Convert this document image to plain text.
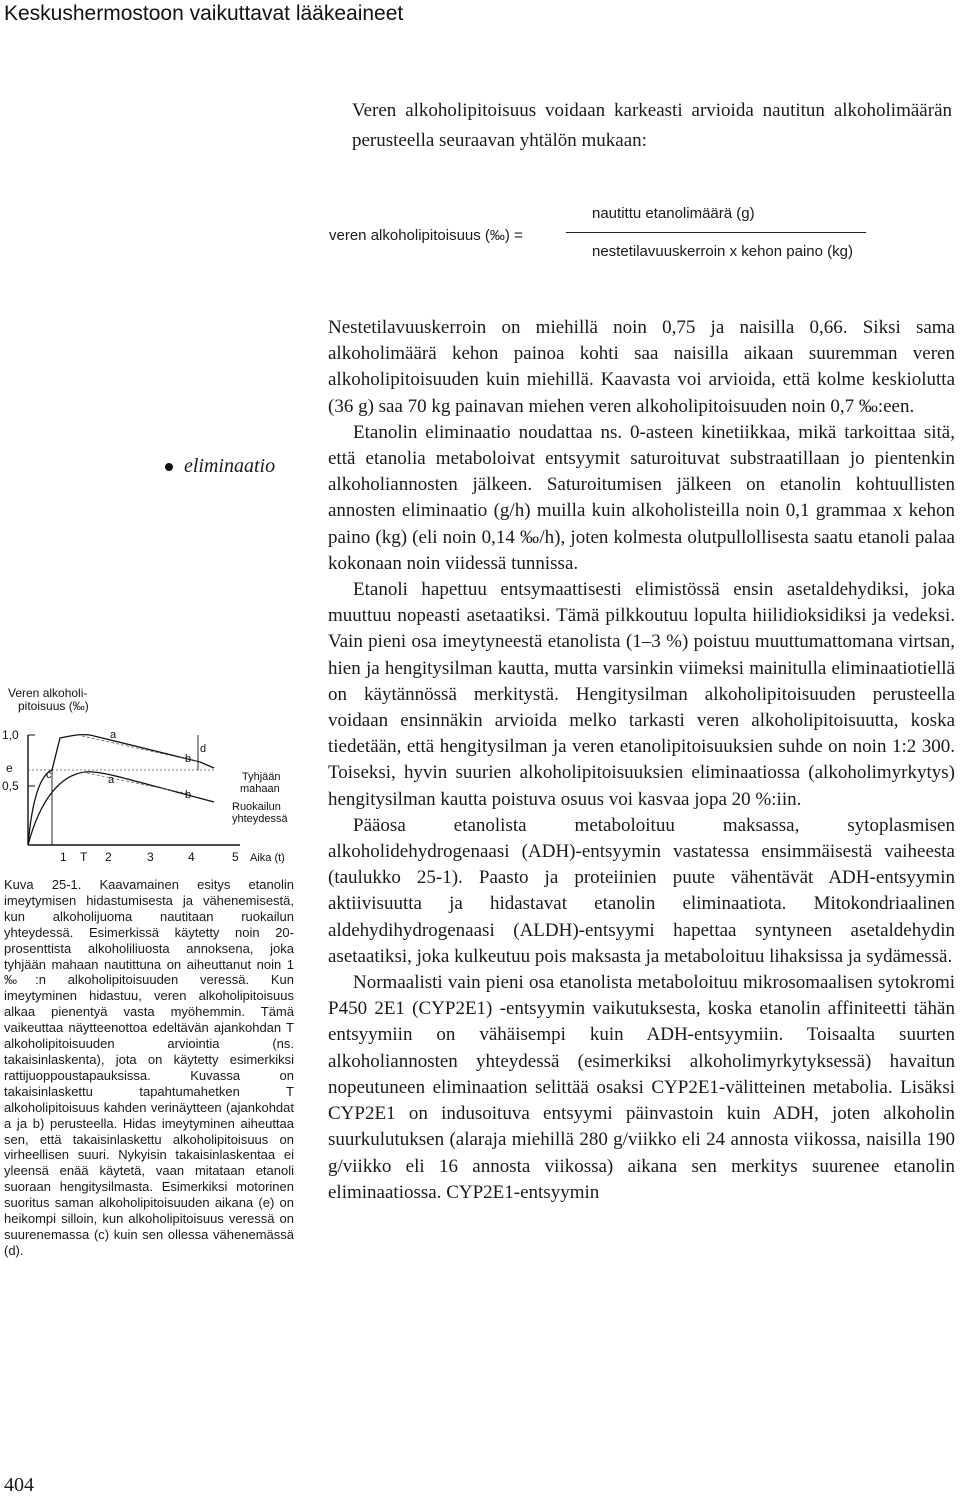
Keskushermostoon vaikuttavat lääkeaineet
Veren alkoholipitoisuus voidaan karkeasti arvioida nautitun alkoholimäärän perusteella seuraavan yhtälön mukaan:
veren alkoholipitoisuus (‰) =
nautittu etanolimäärä (g)
nestetilavuuskerroin x kehon paino (kg)
eliminaatio

Nestetilavuuskerroin on miehillä noin 0,75 ja naisilla 0,66. Siksi sama alkoholimäärä kehon painoa kohti saa naisilla aikaan suuremman veren alkoholipitoisuuden kuin miehillä. Kaavasta voi arvioida, että kolme keskiolutta (36 g) saa 70 kg painavan miehen veren alkoholipitoisuuden noin 0,7 ‰:een.

Etanolin eliminaatio noudattaa ns. 0-asteen kinetiikkaa, mikä tarkoittaa sitä, että etanolia metaboloivat entsyymit saturoituvat substraatillaan jo pientenkin alkoholiannosten jälkeen. Saturoitumisen jälkeen on etanolin kohtuullisten annosten eliminaatio (g/h) muilla kuin alkoholisteilla noin 0,1 grammaa x kehon paino (kg) (eli noin 0,14 ‰/h), joten kolmesta olutpullollisesta saatu etanoli palaa kokonaan noin viidessä tunnissa.

Etanoli hapettuu entsymaattisesti elimistössä ensin asetaldehydiksi, joka muuttuu nopeasti asetaatiksi. Tämä pilkkoutuu lopulta hiilidioksidiksi ja vedeksi. Vain pieni osa imeytyneestä etanolista (1–3 %) poistuu muuttumattomana virtsan, hien ja hengitysilman kautta, mutta varsinkin viimeksi mainitulla eliminaatiotiellä on käytännössä merkitystä. Hengitysilman alkoholipitoisuuden perusteella voidaan ensinnäkin arvioida melko tarkasti veren alkoholipitoisuutta, koska tiedetään, että hengitysilman ja veren etanolipitoisuuksien suhde on noin 1:2 300. Toiseksi, hyvin suurien alkoholipitoisuuksien eliminaatiossa (alkoholimyrkytys) hengitysilman kautta poistuva osuus voi kasvaa jopa 20 %:iin.

Pääosa etanolista metaboloituu maksassa, sytoplasmisen alkoholidehydrogenaasi (ADH)-entsyymin vastatessa ensimmäisestä vaiheesta (taulukko 25-1). Paasto ja proteiinien puute vähentävät ADH-entsyymin aktiivisuutta ja hidastavat etanolin eliminaatiota. Mitokondriaalinen aldehydihydrogenaasi (ALDH)-entsyymi hapettaa syntyneen asetaldehydin asetaatiksi, joka kulkeutuu pois maksasta ja metaboloituu lihaksissa ja sydämessä.

Normaalisti vain pieni osa etanolista metaboloituu mikrosomaalisen sytokromi P450 2E1 (CYP2E1) -entsyymin vaikutuksesta, koska etanolin affiniteetti tähän entsyymiin on vähäisempi kuin ADH-entsyymiin. Toisaalta suurten alkoholiannosten yhteydessä (esimerkiksi alkoholimyrkytyksessä) havaitun nopeutuneen eliminaation selittää osaksi CYP2E1-välitteinen metabolia. Lisäksi CYP2E1 on indusoituva entsyymi päinvastoin kuin ADH, joten alkoholin suurkulutuksen (alaraja miehillä 280 g/viikko eli 24 annosta viikossa, naisilla 190 g/viikko eli 16 annosta viikossa) aikana sen merkitys suurenee etanolin eliminaatiossa. CYP2E1-entsyymin

Veren alkoholi-
pitoisuus (‰)
1,0
e
0,5
a
a
b
b
c
d
Tyhjään
mahaan
Ruokailun
yhteydessä
1 T 2	3	4	5 Aika (t)
Kuva 25-1. Kaavamainen esitys etanolin imeytymisen hidastumisesta ja vähenemisestä, kun alkoholijuoma nautitaan ruokailun yhteydessä. Esimerkissä käytetty noin 20-prosenttista alkoholiliuosta annoksena, joka tyhjään mahaan nautittuna on aiheuttanut noin 1 ‰:n alkoholipitoisuuden veressä. Kun imeytyminen hidastuu, veren alkoholipitoisuus alkaa pienentyä vasta myöhemmin. Tämä vaikeuttaa näytteenottoa edeltävän ajankohdan T alkoholipitoisuuden arviointia (ns. takaisinlaskenta), jota on käytetty esimerkiksi rattijuoppoustapauksissa. Kuvassa on takaisinlaskettu tapahtumahetken T alkoholipitoisuus kahden verinäytteen (ajankohdat a ja b) perusteella. Hidas imeytyminen aiheuttaa sen, että takaisinlaskettu alkoholipitoisuus on virheellisen suuri. Nykyisin takaisinlaskentaa ei yleensä enää käytetä, vaan mitataan etanoli suoraan hengitysilmasta. Esimerkiksi motorinen suoritus saman alkoholipitoisuuden aikana (e) on heikompi silloin, kun alkoholipitoisuus veressä on suurenemassa (c) kuin sen ollessa vähenemässä (d).
404
